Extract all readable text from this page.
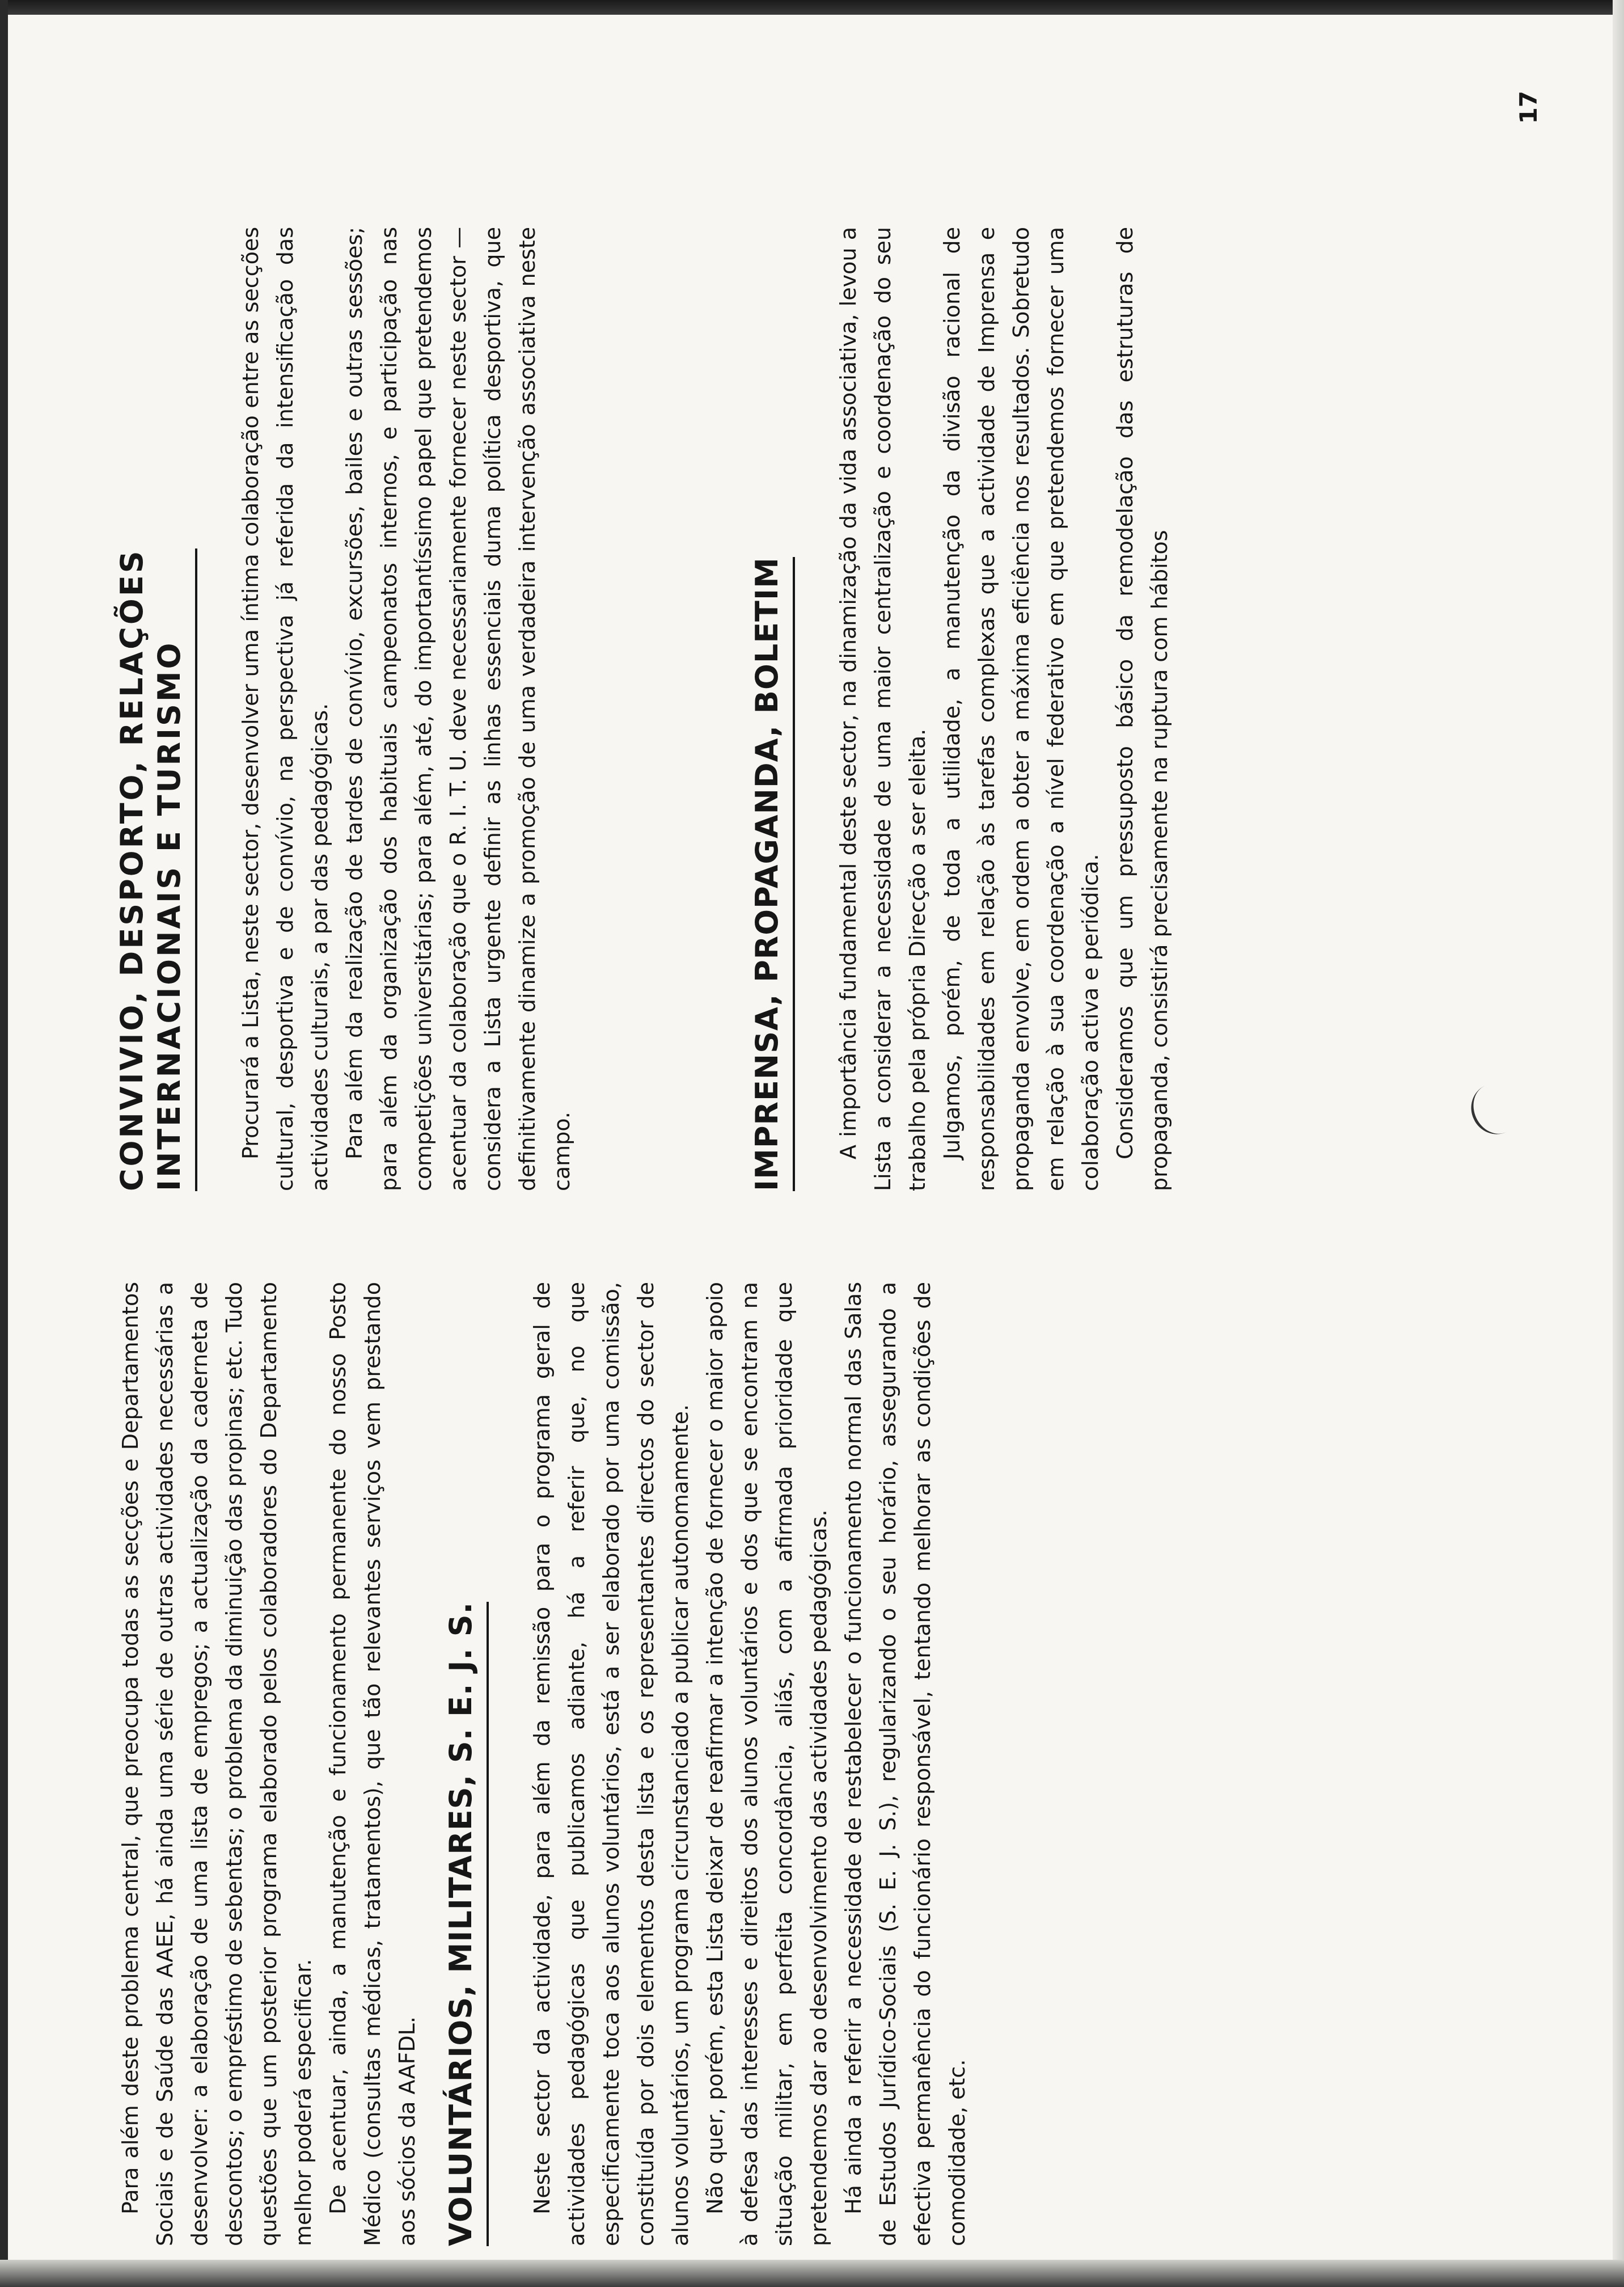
Para além deste problema central, que preocupa todas as secções e Departamentos Sociais e de Saúde das AAEE, há ainda uma série de outras actividades necessárias a desenvolver: a elaboração de uma lista de empregos; a actualização da caderneta de descontos; o empréstimo de sebentas; o problema da diminuição das propinas; etc. Tudo questões que um posterior programa elaborado pelos colaboradores do Departamento melhor poderá especificar. De acentuar, ainda, a manutenção e funcionamento permanente do nosso Posto Médico (consultas médicas, tratamentos), que tão relevantes serviços vem prestando aos sócios da AAFDL. VOLUNTÁRIOS, MILITARES, S. E. J. S. Neste sector da actividade, para além da remissão para o programa geral de actividades pedagógicas que publicamos adiante, há a referir que, no que especificamente toca aos alunos voluntários, está a ser elaborado por uma comissão, constituída por dois elementos desta lista e os representantes directos do sector de alunos voluntários, um programa circunstanciado a publicar autonomamente. Não quer, porém, esta Lista deixar de reafirmar a intenção de fornecer o maior apoio à defesa das interesses e direitos dos alunos voluntários e dos que se encontram na situação militar, em perfeita concordância, aliás, com a afirmada prioridade que pretendemos dar ao desenvolvimento das actividades pedagógicas. Há ainda a referir a necessidade de restabelecer o funcionamento normal das Salas de Estudos Jurídico-Sociais (S. E. J. S.), regularizando o seu horário, assegurando a efectiva permanência do funcionário responsável, tentando melhorar as condições de comodidade, etc.

CONVIVIO, DESPORTO, RELAÇÕES
INTERNACIONAIS E TURISMO Procurará a Lista, neste sector, desenvolver uma íntima colaboração entre as secções cultural, desportiva e de convívio, na perspectiva já referida da intensificação das actividades culturais, a par das pedagógicas. Para além da realização de tardes de convívio, excursões, bailes e outras sessões; para além da organização dos habituais campeonatos internos, e participação nas competições universitárias; para além, até, do importantíssimo papel que pretendemos acentuar da colaboração que o R. I. T. U. deve necessariamente fornecer neste sector — considera a Lista urgente definir as linhas essenciais duma política desportiva, que definitivamente dinamize a promoção de uma verdadeira intervenção associativa neste campo.	IMPRENSA, PROPAGANDA, BOLETIM A importância fundamental deste sector, na dinamização da vida associativa, levou a Lista a considerar a necessidade de uma maior centralização e coordenação do seu trabalho pela própria Direcção a ser eleita. Julgamos, porém, de toda a utilidade, a manutenção da divisão racional de responsabilidades em relação às tarefas complexas que a actividade de Imprensa e propaganda envolve, em ordem a obter a máxima eficiência nos resultados. Sobretudo em relação à sua coordenação a nível federativo em que pretendemos fornecer uma colaboração activa e periódica. Consideramos que um pressuposto básico da remodelação das estruturas de propaganda, consistirá precisamente na ruptura com hábitos

17
